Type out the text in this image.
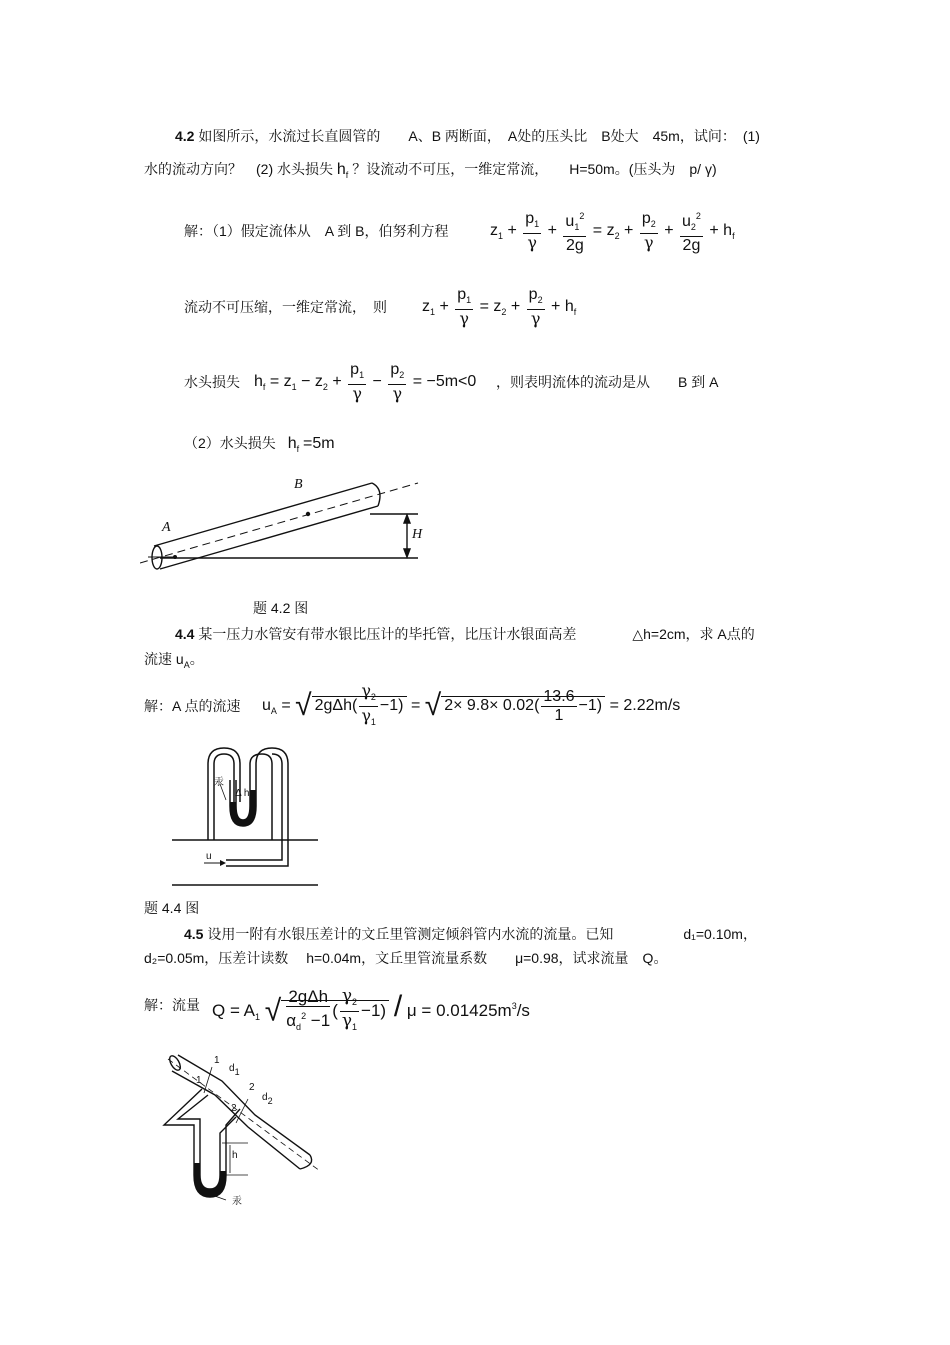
4.2 如图所示，水流过长直圆管的　　A、B 两断面，　A处的压头比　B处大　45m，试问：　(1)
水的流动方向？　(2) 水头损失 $h_f$ ？设流动不可压，一维定常流，　　H=50m。(压头为　p/ γ)
解：（1）假定流体从　A 到 B，伯努利方程	$z_1 + \frac{p_1}{\gamma} + \frac{u_1^2}{2g} = z_2 + \frac{p_2}{\gamma} + \frac{u_2^2}{2g} + h_f$
流动不可压缩，一维定常流，　则 $z_1 + \frac{p_1}{\gamma} = z_2 + \frac{p_2}{\gamma} + h_f$
水头损失 $h_f = z_1 - z_2 + \frac{p_1}{\gamma} - \frac{p_2}{\gamma} = -5m<0$ ，则表明流体的流动是从　　B 到 A
（2）水头损失 $h_f =5m$
A
B
H
题 4.2 图
4.4 某一压力水管安有带水银比压计的毕托管，比压计水银面高差　　　　△h=2cm，求 A点的
流速 $u_A$。
解：A 点的流速 $u_A$ = √ $2g\Delta h( \frac{\gamma_2}{\gamma_1} -1)$ = √ $2\times 9.8\times 0.02( \frac{13.6}{1} -1) = 2.22m/s$
汞
Δ h
u
题 4.4 图
4.5 设用一附有水银压差计的文丘里管测定倾斜管内水流的流量。已知　　　　　d₁=0.10m，
d₂=0.05m，压差计读数　 h=0.04m，文丘里管流量系数　　μ=0.98，试求流量　Q。
解：流量 $Q = A_1$ √ $\frac{\text{2gΔh}}{\alpha_d^2 -1}$ ( $\frac{\gamma_2}{\gamma_1} -1) / \mu = 0.01425m^3/s$
1
1
d1
2
2
d2
h
汞
